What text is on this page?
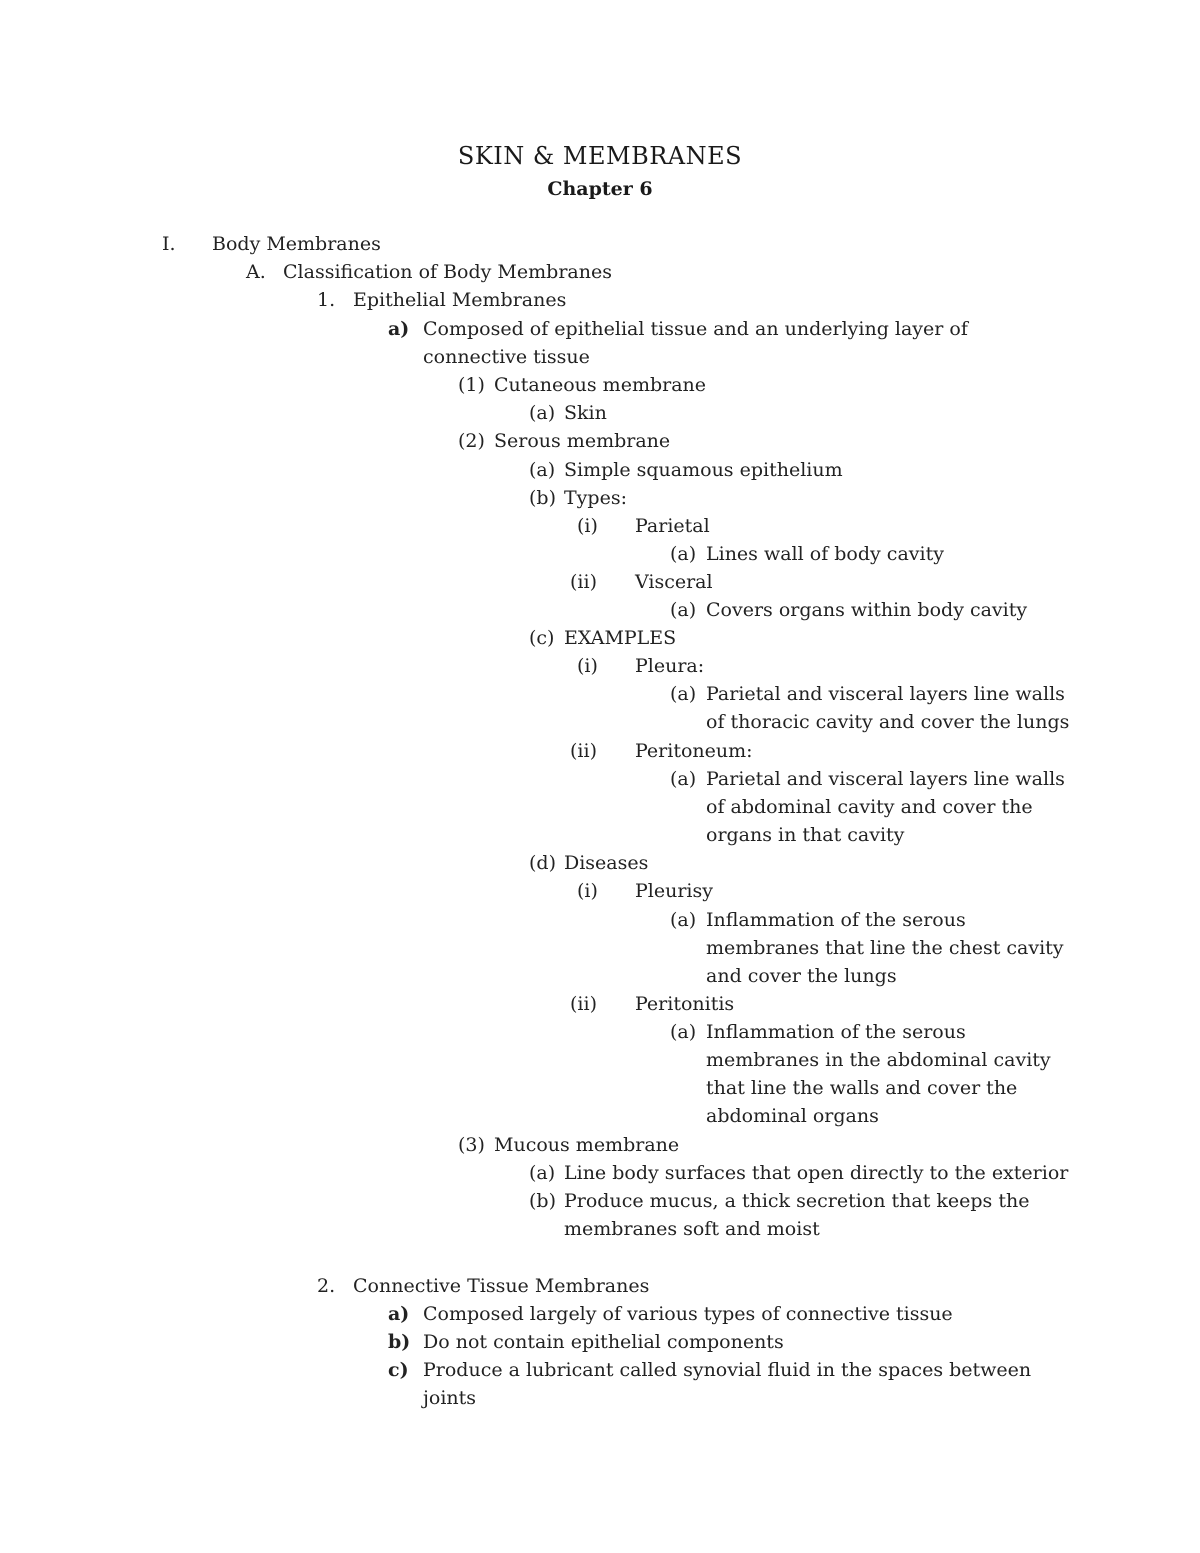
SKIN & MEMBRANES
Chapter 6
I. Body Membranes
A. Classification of Body Membranes
1. Epithelial Membranes
a) Composed of epithelial tissue and an underlying layer of
connective tissue
(1) Cutaneous membrane
(a) Skin
(2) Serous membrane
(a) Simple squamous epithelium
(b) Types:
(i) Parietal
(a) Lines wall of body cavity
(ii) Visceral
(a) Covers organs within body cavity
(c) EXAMPLES
(i) Pleura:
(a) Parietal and visceral layers line walls
of thoracic cavity and cover the lungs
(ii) Peritoneum:
(a) Parietal and visceral layers line walls
of abdominal cavity and cover the
organs in that cavity
(d) Diseases
(i) Pleurisy
(a) Inflammation of the serous
membranes that line the chest cavity
and cover the lungs
(ii) Peritonitis
(a) Inflammation of the serous
membranes in the abdominal cavity
that line the walls and cover the
abdominal organs
(3) Mucous membrane
(a) Line body surfaces that open directly to the exterior
(b) Produce mucus, a thick secretion that keeps the
membranes soft and moist
2. Connective Tissue Membranes
a) Composed largely of various types of connective tissue
b) Do not contain epithelial components
c) Produce a lubricant called synovial fluid in the spaces between
joints
